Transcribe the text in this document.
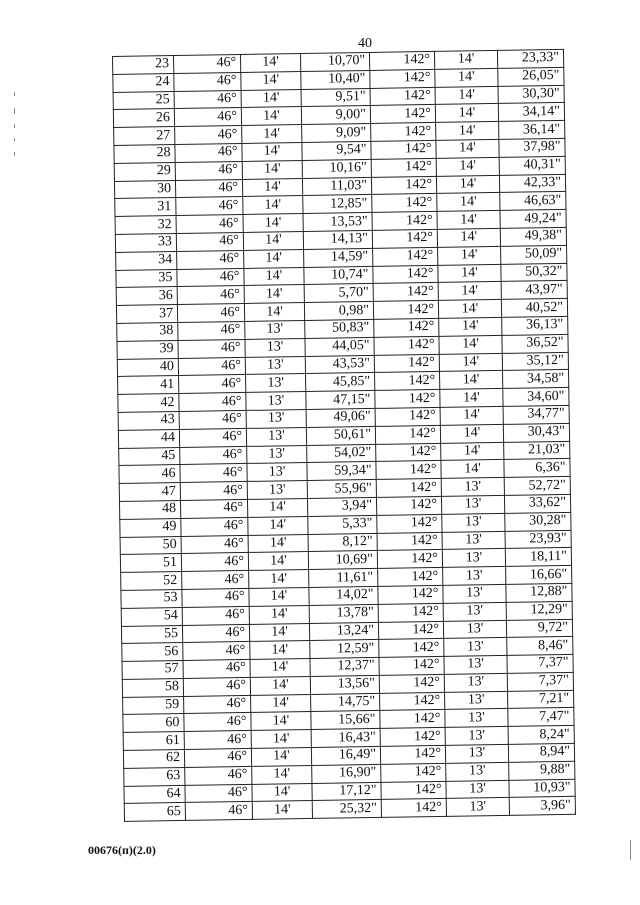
40
23	46°	14'	10,70"	142°	14'	23,33"
24	46°	14'	10,40"	142°	14'	26,05"
25	46°	14'	9,51"	142°	14'	30,30"
26	46°	14'	9,00"	142°	14'	34,14"
27	46°	14'	9,09"	142°	14'	36,14"
28	46°	14'	9,54"	142°	14'	37,98"
29	46°	14'	10,16"	142°	14'	40,31"
30	46°	14'	11,03"	142°	14'	42,33"
31	46°	14'	12,85"	142°	14'	46,63"
32	46°	14'	13,53"	142°	14'	49,24"
33	46°	14'	14,13"	142°	14'	49,38"
34	46°	14'	14,59"	142°	14'	50,09"
35	46°	14'	10,74"	142°	14'	50,32"
36	46°	14'	5,70"	142°	14'	43,97"
37	46°	14'	0,98"	142°	14'	40,52"
38	46°	13'	50,83"	142°	14'	36,13"
39	46°	13'	44,05"	142°	14'	36,52"
40	46°	13'	43,53"	142°	14'	35,12"
41	46°	13'	45,85"	142°	14'	34,58"
42	46°	13'	47,15"	142°	14'	34,60"
43	46°	13'	49,06"	142°	14'	34,77"
44	46°	13'	50,61"	142°	14'	30,43"
45	46°	13'	54,02"	142°	14'	21,03"
46	46°	13'	59,34"	142°	14'	6,36"
47	46°	13'	55,96"	142°	13'	52,72"
48	46°	14'	3,94"	142°	13'	33,62"
49	46°	14'	5,33"	142°	13'	30,28"
50	46°	14'	8,12"	142°	13'	23,93"
51	46°	14'	10,69"	142°	13'	18,11"
52	46°	14'	11,61"	142°	13'	16,66"
53	46°	14'	14,02"	142°	13'	12,88"
54	46°	14'	13,78"	142°	13'	12,29"
55	46°	14'	13,24"	142°	13'	9,72"
56	46°	14'	12,59"	142°	13'	8,46"
57	46°	14'	12,37"	142°	13'	7,37"
58	46°	14'	13,56"	142°	13'	7,37"
59	46°	14'	14,75"	142°	13'	7,21"
60	46°	14'	15,66"	142°	13'	7,47"
61	46°	14'	16,43"	142°	13'	8,24"
62	46°	14'	16,49"	142°	13'	8,94"
63	46°	14'	16,90"	142°	13'	9,88"
64	46°	14'	17,12"	142°	13'	10,93"
65	46°	14'	25,32"	142°	13'	3,96"
00676(п)(2.0)
